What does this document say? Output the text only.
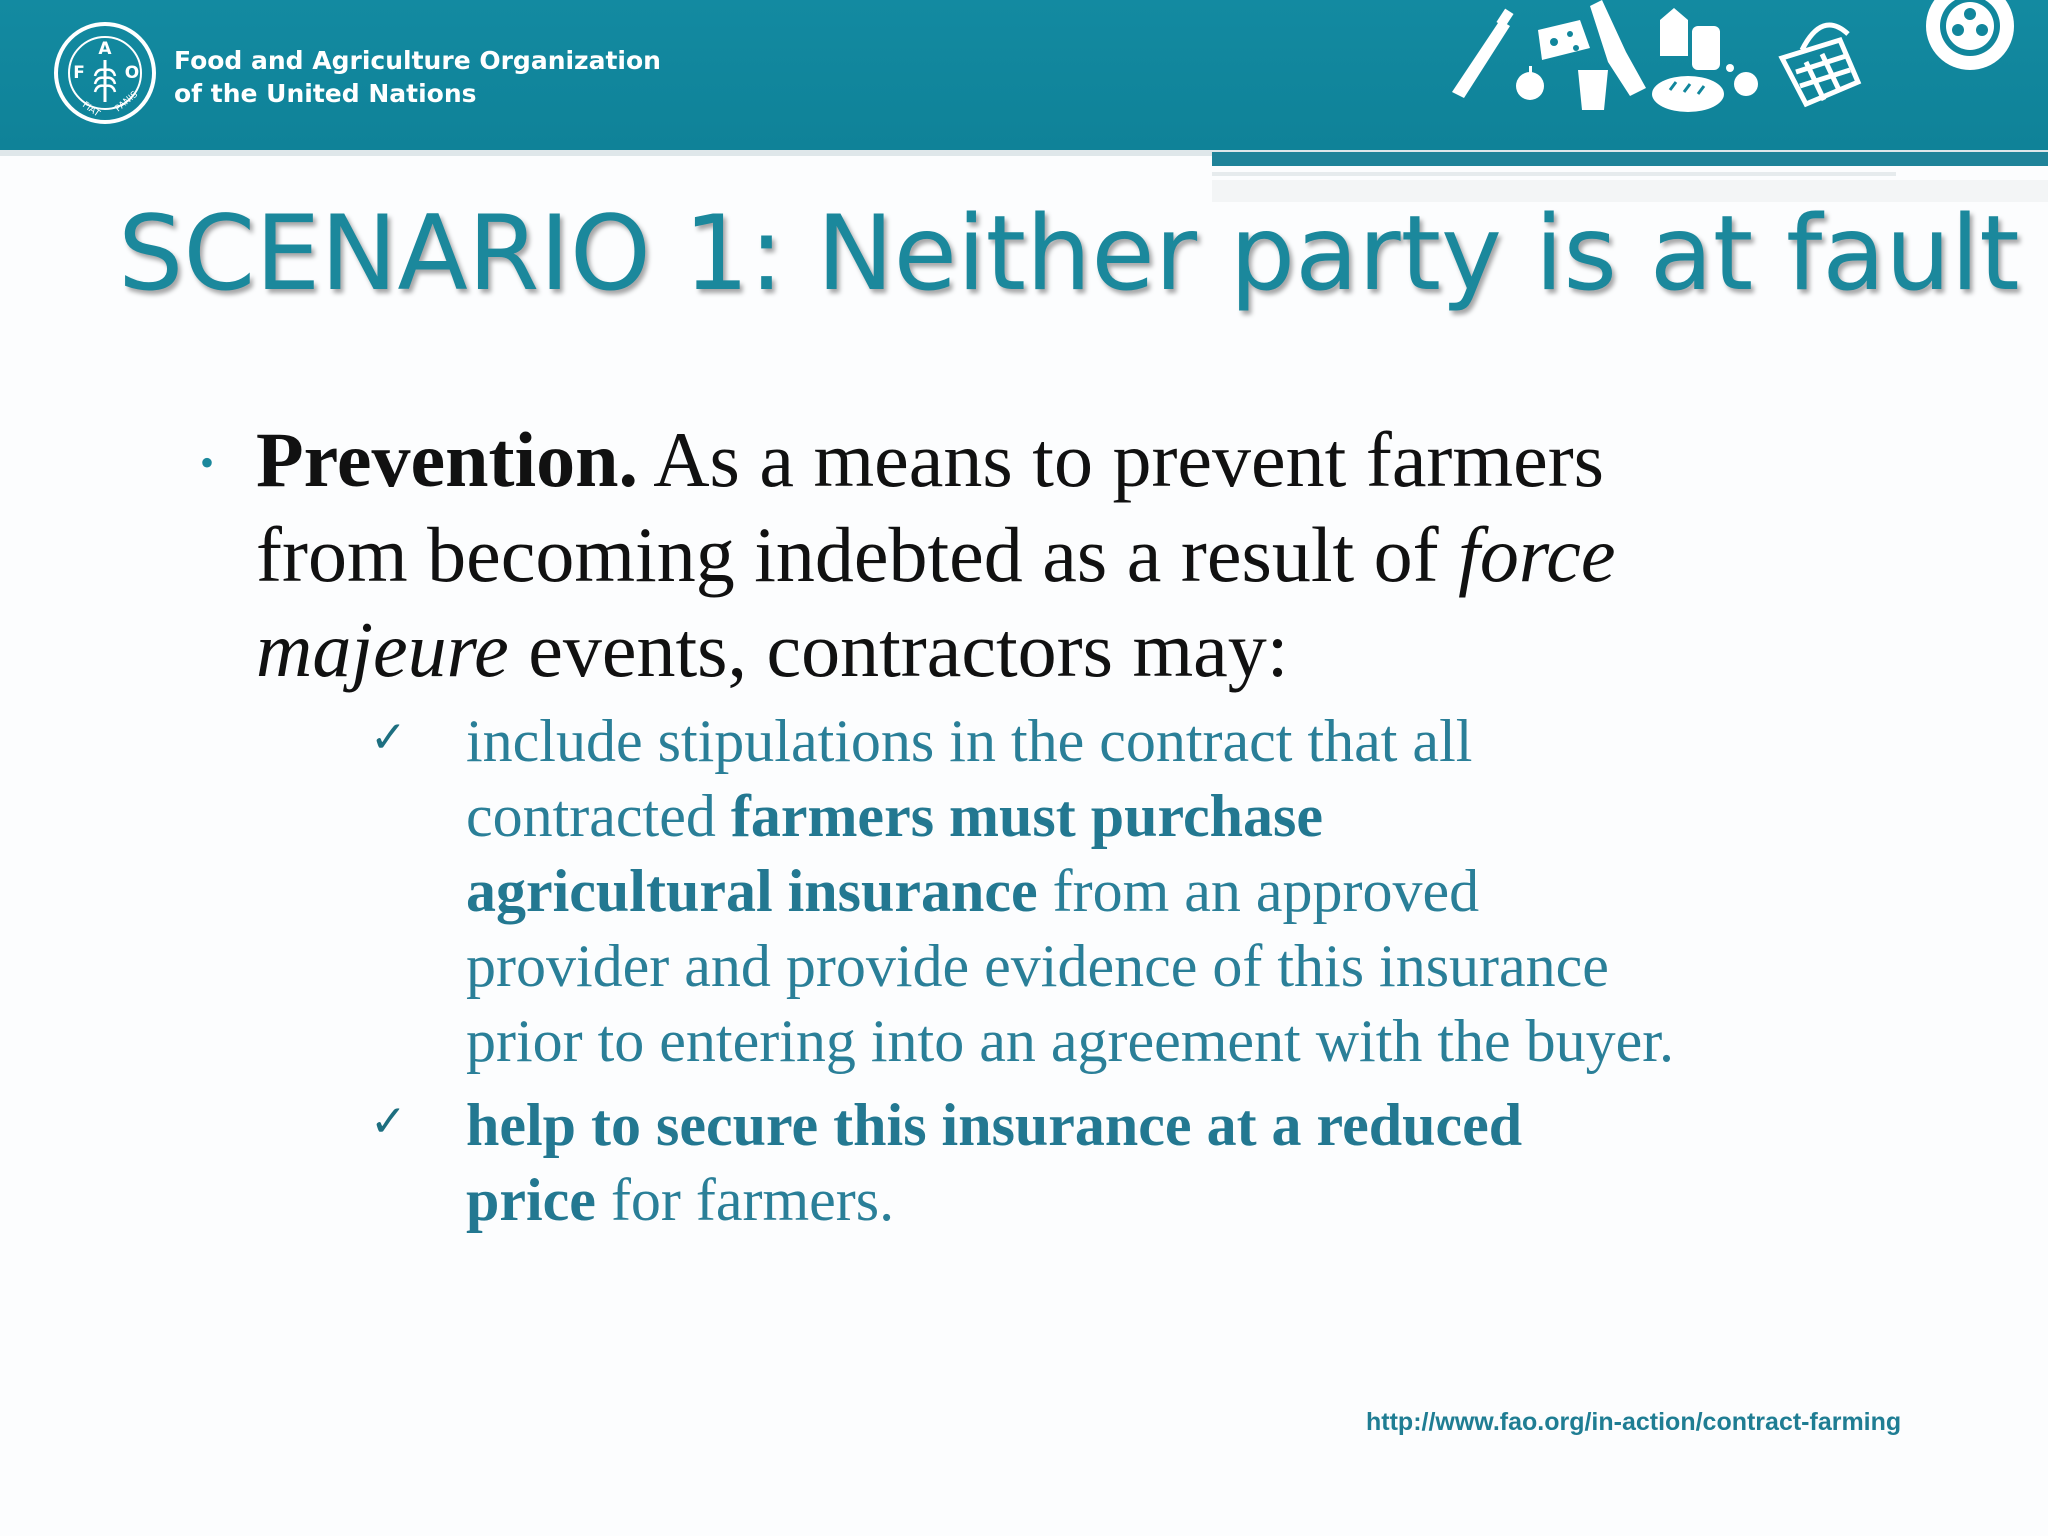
A
F O
FIAT PANIS
Food and Agriculture Organization
of the United Nations
SCENARIO 1: Neither party is at fault
• Prevention. As a means to prevent farmers
from becoming indebted as a result of force
majeure events, contractors may:
✓ include stipulations in the contract that all
contracted farmers must purchase
agricultural insurance from an approved
provider and provide evidence of this insurance
prior to entering into an agreement with the buyer.
✓ help to secure this insurance at a reduced
price for farmers.
http://www.fao.org/in-action/contract-farming
